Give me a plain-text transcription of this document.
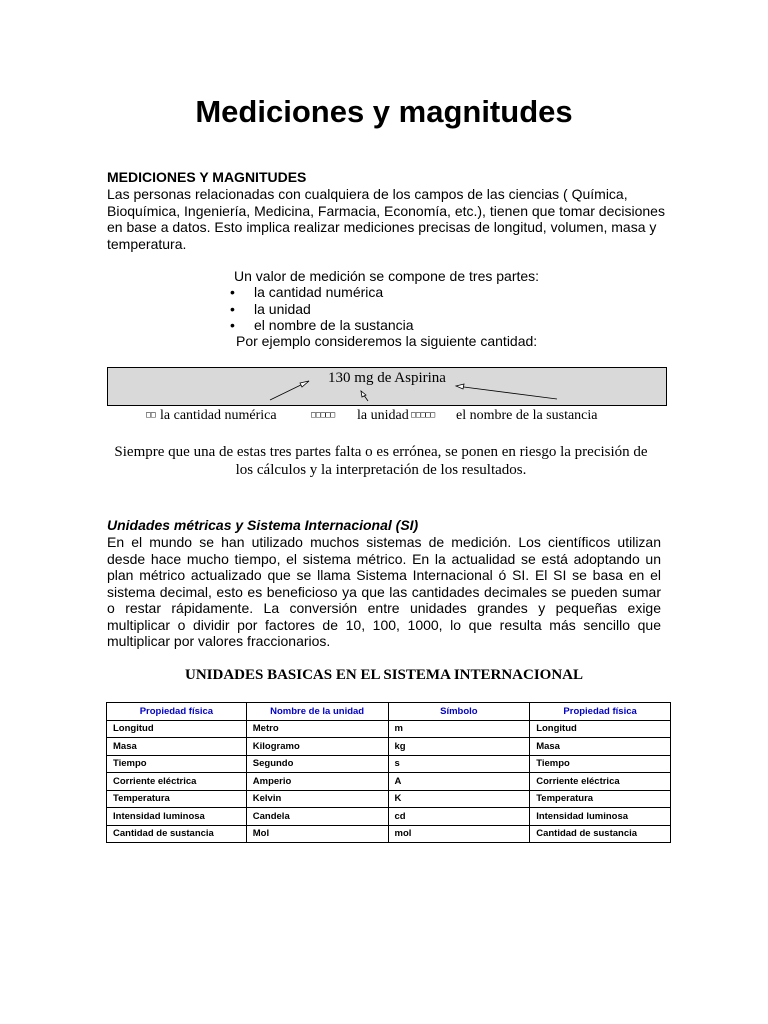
Mediciones y magnitudes
MEDICIONES Y MAGNITUDES
Las personas relacionadas con cualquiera de los campos de las ciencias ( Química, Bioquímica, Ingeniería, Medicina, Farmacia, Economía, etc.), tienen que tomar decisiones en base a datos. Esto implica realizar mediciones precisas de longitud, volumen, masa y temperatura.
Un valor de medición se compone de tres partes:
• la cantidad numérica
• la unidad
• el nombre de la sustancia
Por ejemplo consideremos la siguiente cantidad:
130 mg de Aspirina
□□ la cantidad numérica	□□□□□ la unidad □□□□□ el nombre de la sustancia
Siempre que una de estas tres partes falta o es errónea, se ponen en riesgo la precisión de los cálculos y la interpretación de los resultados.
Unidades métricas y Sistema Internacional (SI)
En el mundo se han utilizado muchos sistemas de medición. Los científicos utilizan desde hace mucho tiempo, el sistema métrico. En la actualidad se está adoptando un plan métrico actualizado que se llama Sistema Internacional ó SI. El SI se basa en el sistema decimal, esto es beneficioso ya que las cantidades decimales se pueden sumar o restar rápidamente. La conversión entre unidades grandes y pequeñas exige multiplicar o dividir por factores de 10, 100, 1000, lo que resulta más sencillo que multiplicar por valores fraccionarios.
UNIDADES BASICAS EN EL SISTEMA INTERNACIONAL
Propiedad física	Nombre de la unidad	Símbolo	Propiedad física
Longitud	Metro	m	Longitud
Masa	Kilogramo	kg	Masa
Tiempo	Segundo	s	Tiempo
Corriente eléctrica	Amperio	A	Corriente eléctrica
Temperatura	Kelvin	K	Temperatura
Intensidad luminosa	Candela	cd	Intensidad luminosa
Cantidad de sustancia	Mol	mol	Cantidad de sustancia
